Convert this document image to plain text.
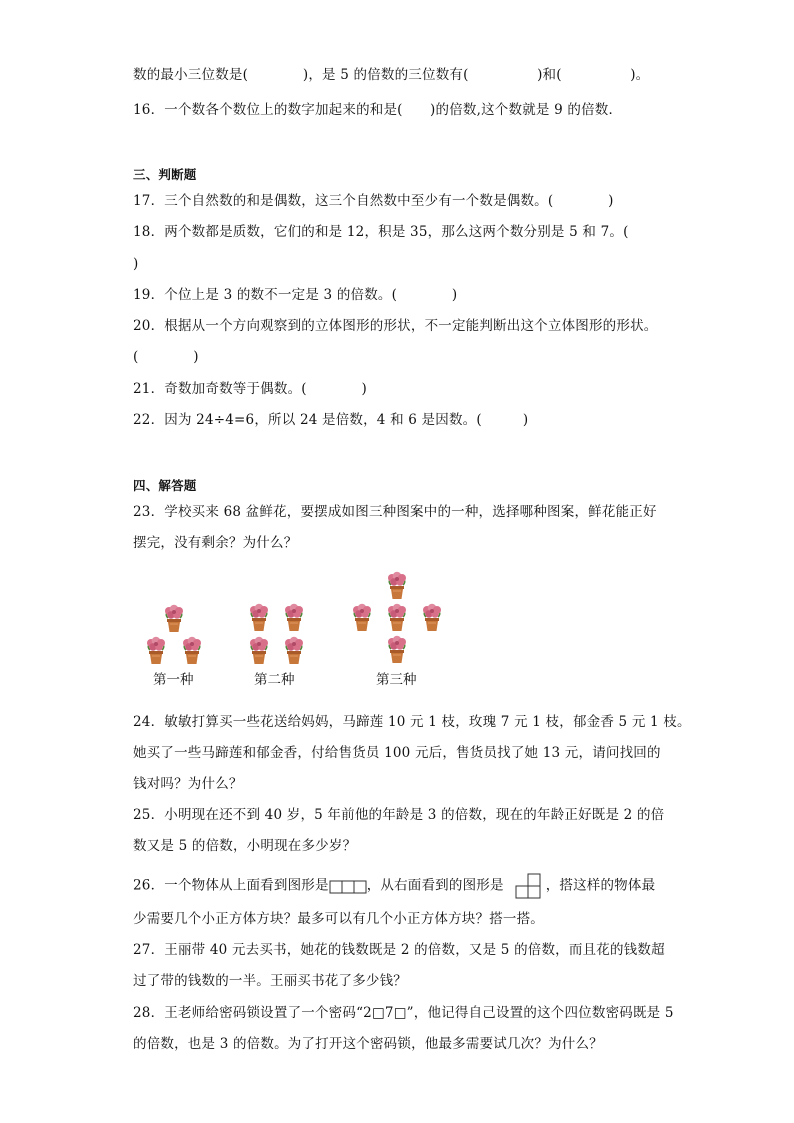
数的最小三位数是(　　　　)，是 5 的倍数的三位数有(　　　　　)和(　　　　　)。
16．一个数各个数位上的数字加起来的和是(　　)的倍数,这个数就是 9 的倍数．
三、判断题
17．三个自然数的和是偶数，这三个自然数中至少有一个数是偶数。(　　　　)
18．两个数都是质数，它们的和是 12，积是 35，那么这两个数分别是 5 和 7。(
)
19．个位上是 3 的数不一定是 3 的倍数。(　　　　)
20．根据从一个方向观察到的立体图形的形状，不一定能判断出这个立体图形的形状。
(　　　　)
21．奇数加奇数等于偶数。(　　　　)
22．因为 24÷4=6，所以 24 是倍数，4 和 6 是因数。(　　　)
四、解答题
23．学校买来 68 盆鲜花，要摆成如图三种图案中的一种，选择哪种图案，鲜花能正好
摆完，没有剩余？为什么？
第一种	第二种	第三种
24．敏敏打算买一些花送给妈妈，马蹄莲 10 元 1 枝，玫瑰 7 元 1 枝，郁金香 5 元 1 枝。
她买了一些马蹄莲和郁金香，付给售货员 100 元后，售货员找了她 13 元，请问找回的
钱对吗？为什么？
25．小明现在还不到 40 岁，5 年前他的年龄是 3 的倍数，现在的年龄正好既是 2 的倍
数又是 5 的倍数，小明现在多少岁？
26．一个物体从上面看到图形是	，从右面看到的图形是	，搭这样的物体最
少需要几个小正方体方块？最多可以有几个小正方体方块？搭一搭。
27．王丽带 40 元去买书，她花的钱数既是 2 的倍数，又是 5 的倍数，而且花的钱数超
过了带的钱数的一半。王丽买书花了多少钱？
28．王老师给密码锁设置了一个密码“2□7□”，他记得自己设置的这个四位数密码既是 5
的倍数，也是 3 的倍数。为了打开这个密码锁，他最多需要试几次？为什么？
